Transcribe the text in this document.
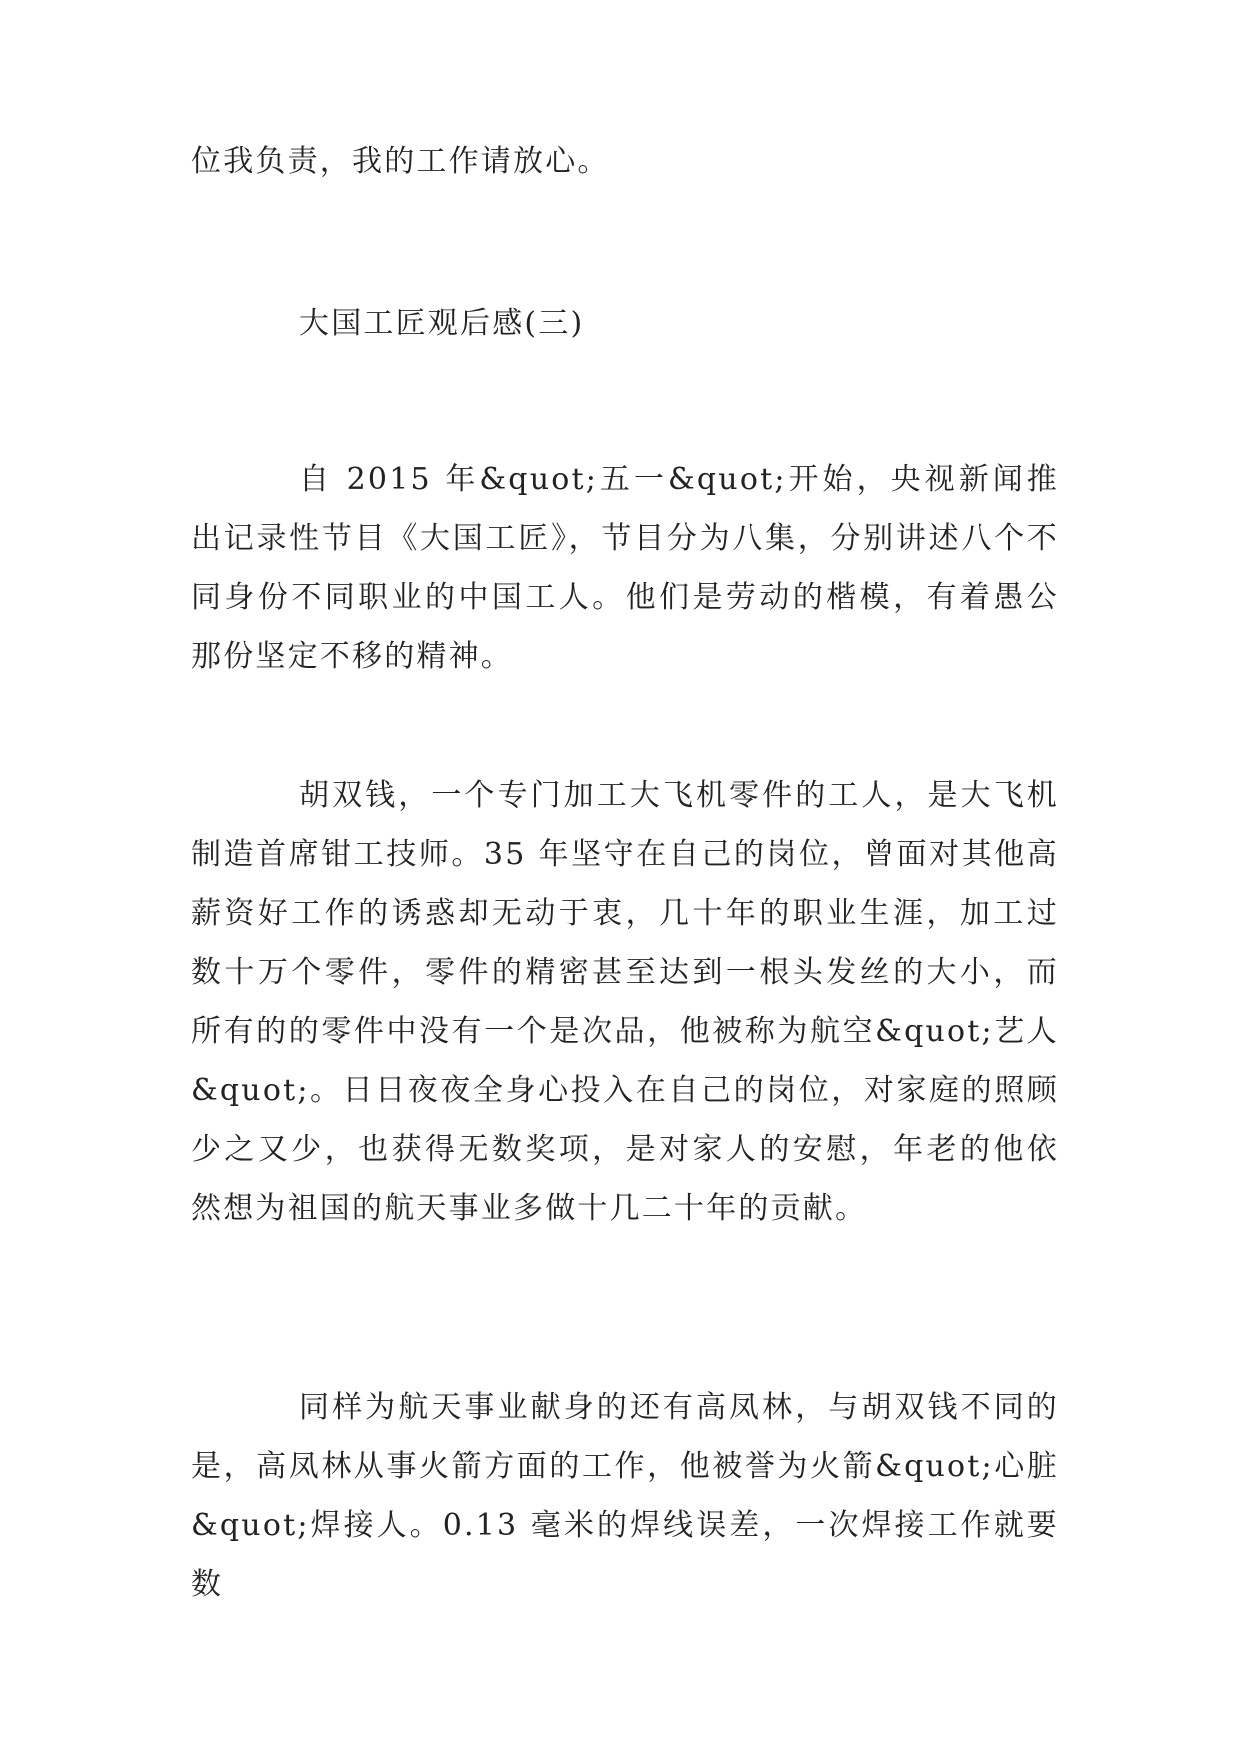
位我负责，我的工作请放心。

大国工匠观后感(三)

自 2015 年&quot;五一&quot;开始，央视新闻推出记录性节目《大国工匠》，节目分为八集，分别讲述八个不同身份不同职业的中国工人。他们是劳动的楷模，有着愚公那份坚定不移的精神。

胡双钱，一个专门加工大飞机零件的工人，是大飞机制造首席钳工技师。35 年坚守在自己的岗位，曾面对其他高薪资好工作的诱惑却无动于衷，几十年的职业生涯，加工过数十万个零件，零件的精密甚至达到一根头发丝的大小，而所有的的零件中没有一个是次品，他被称为航空&quot;艺人&quot;。日日夜夜全身心投入在自己的岗位，对家庭的照顾少之又少，也获得无数奖项，是对家人的安慰，年老的他依然想为祖国的航天事业多做十几二十年的贡献。

同样为航天事业献身的还有高凤林，与胡双钱不同的是，高凤林从事火箭方面的工作，他被誉为火箭&quot;心脏&quot;焊接人。0.13 毫米的焊线误差，一次焊接工作就要数
